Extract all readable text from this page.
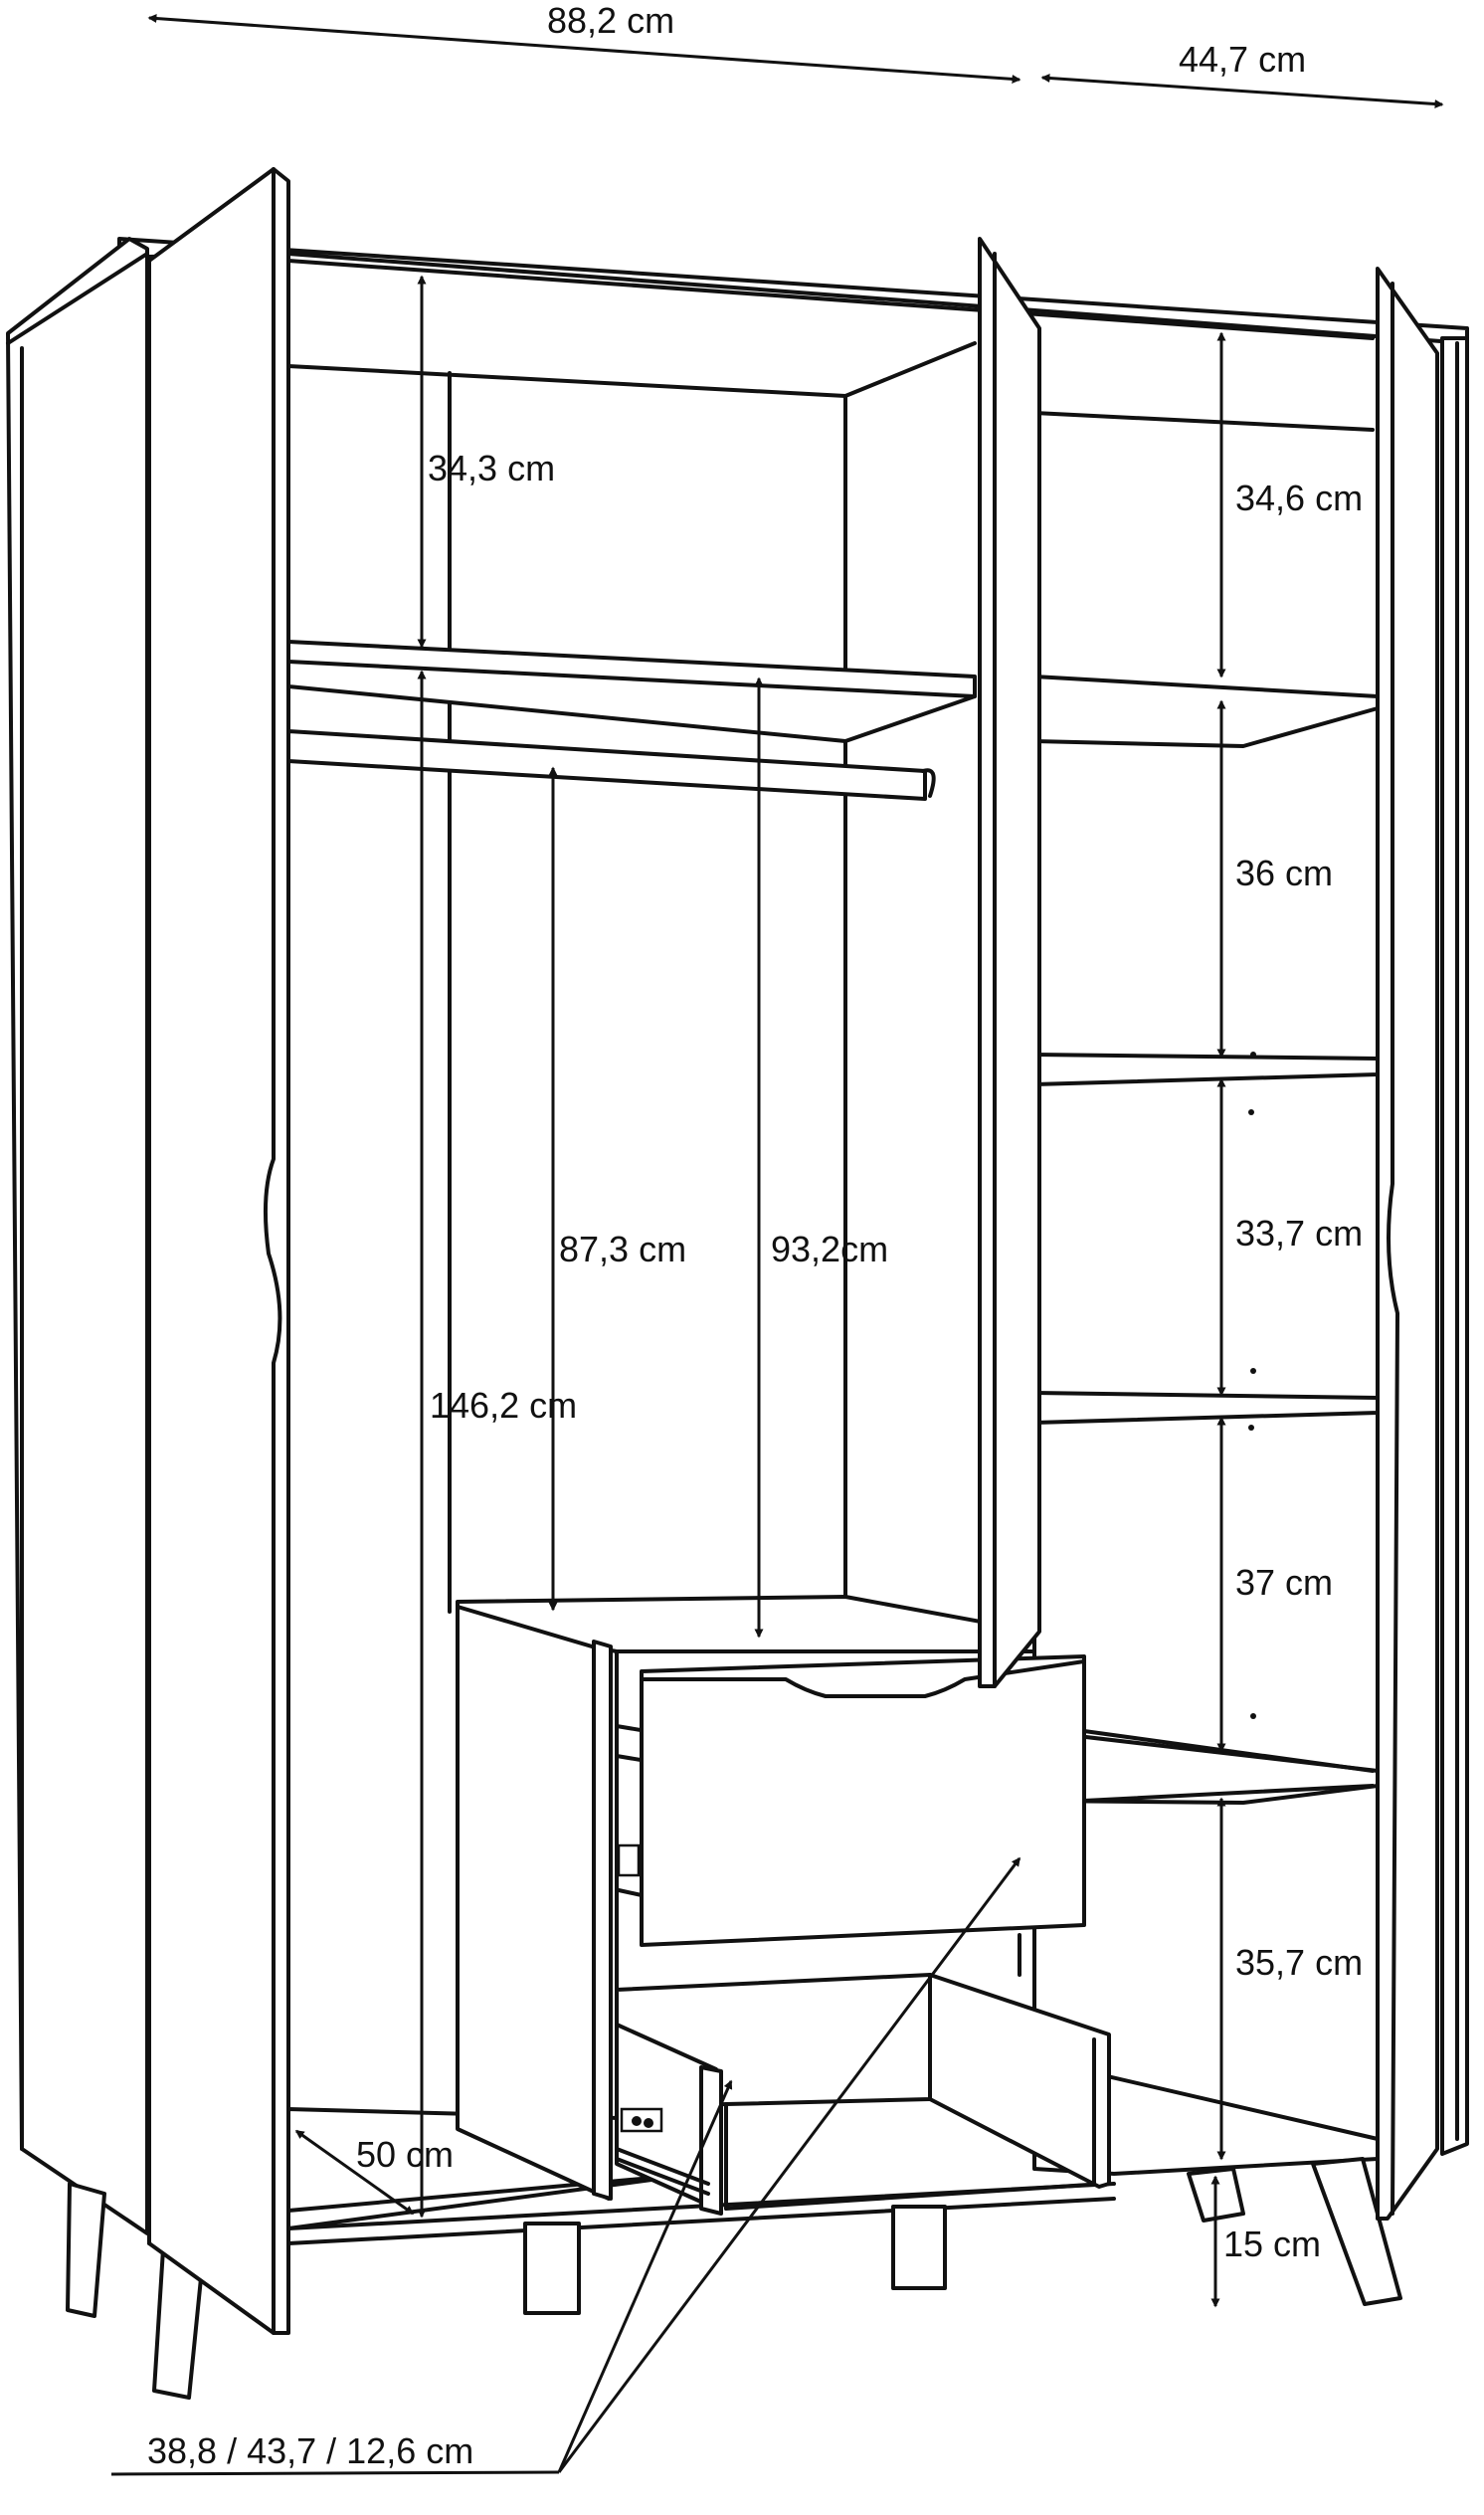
88,2 cm
44,7 cm
34,3 cm
34,6 cm
36 cm
87,3 cm 93,2cm	33,7 cm
146,2 cm
37 cm
35,7 cm
50 cm
15 cm
38,8 / 43,7 / 12,6 cm
